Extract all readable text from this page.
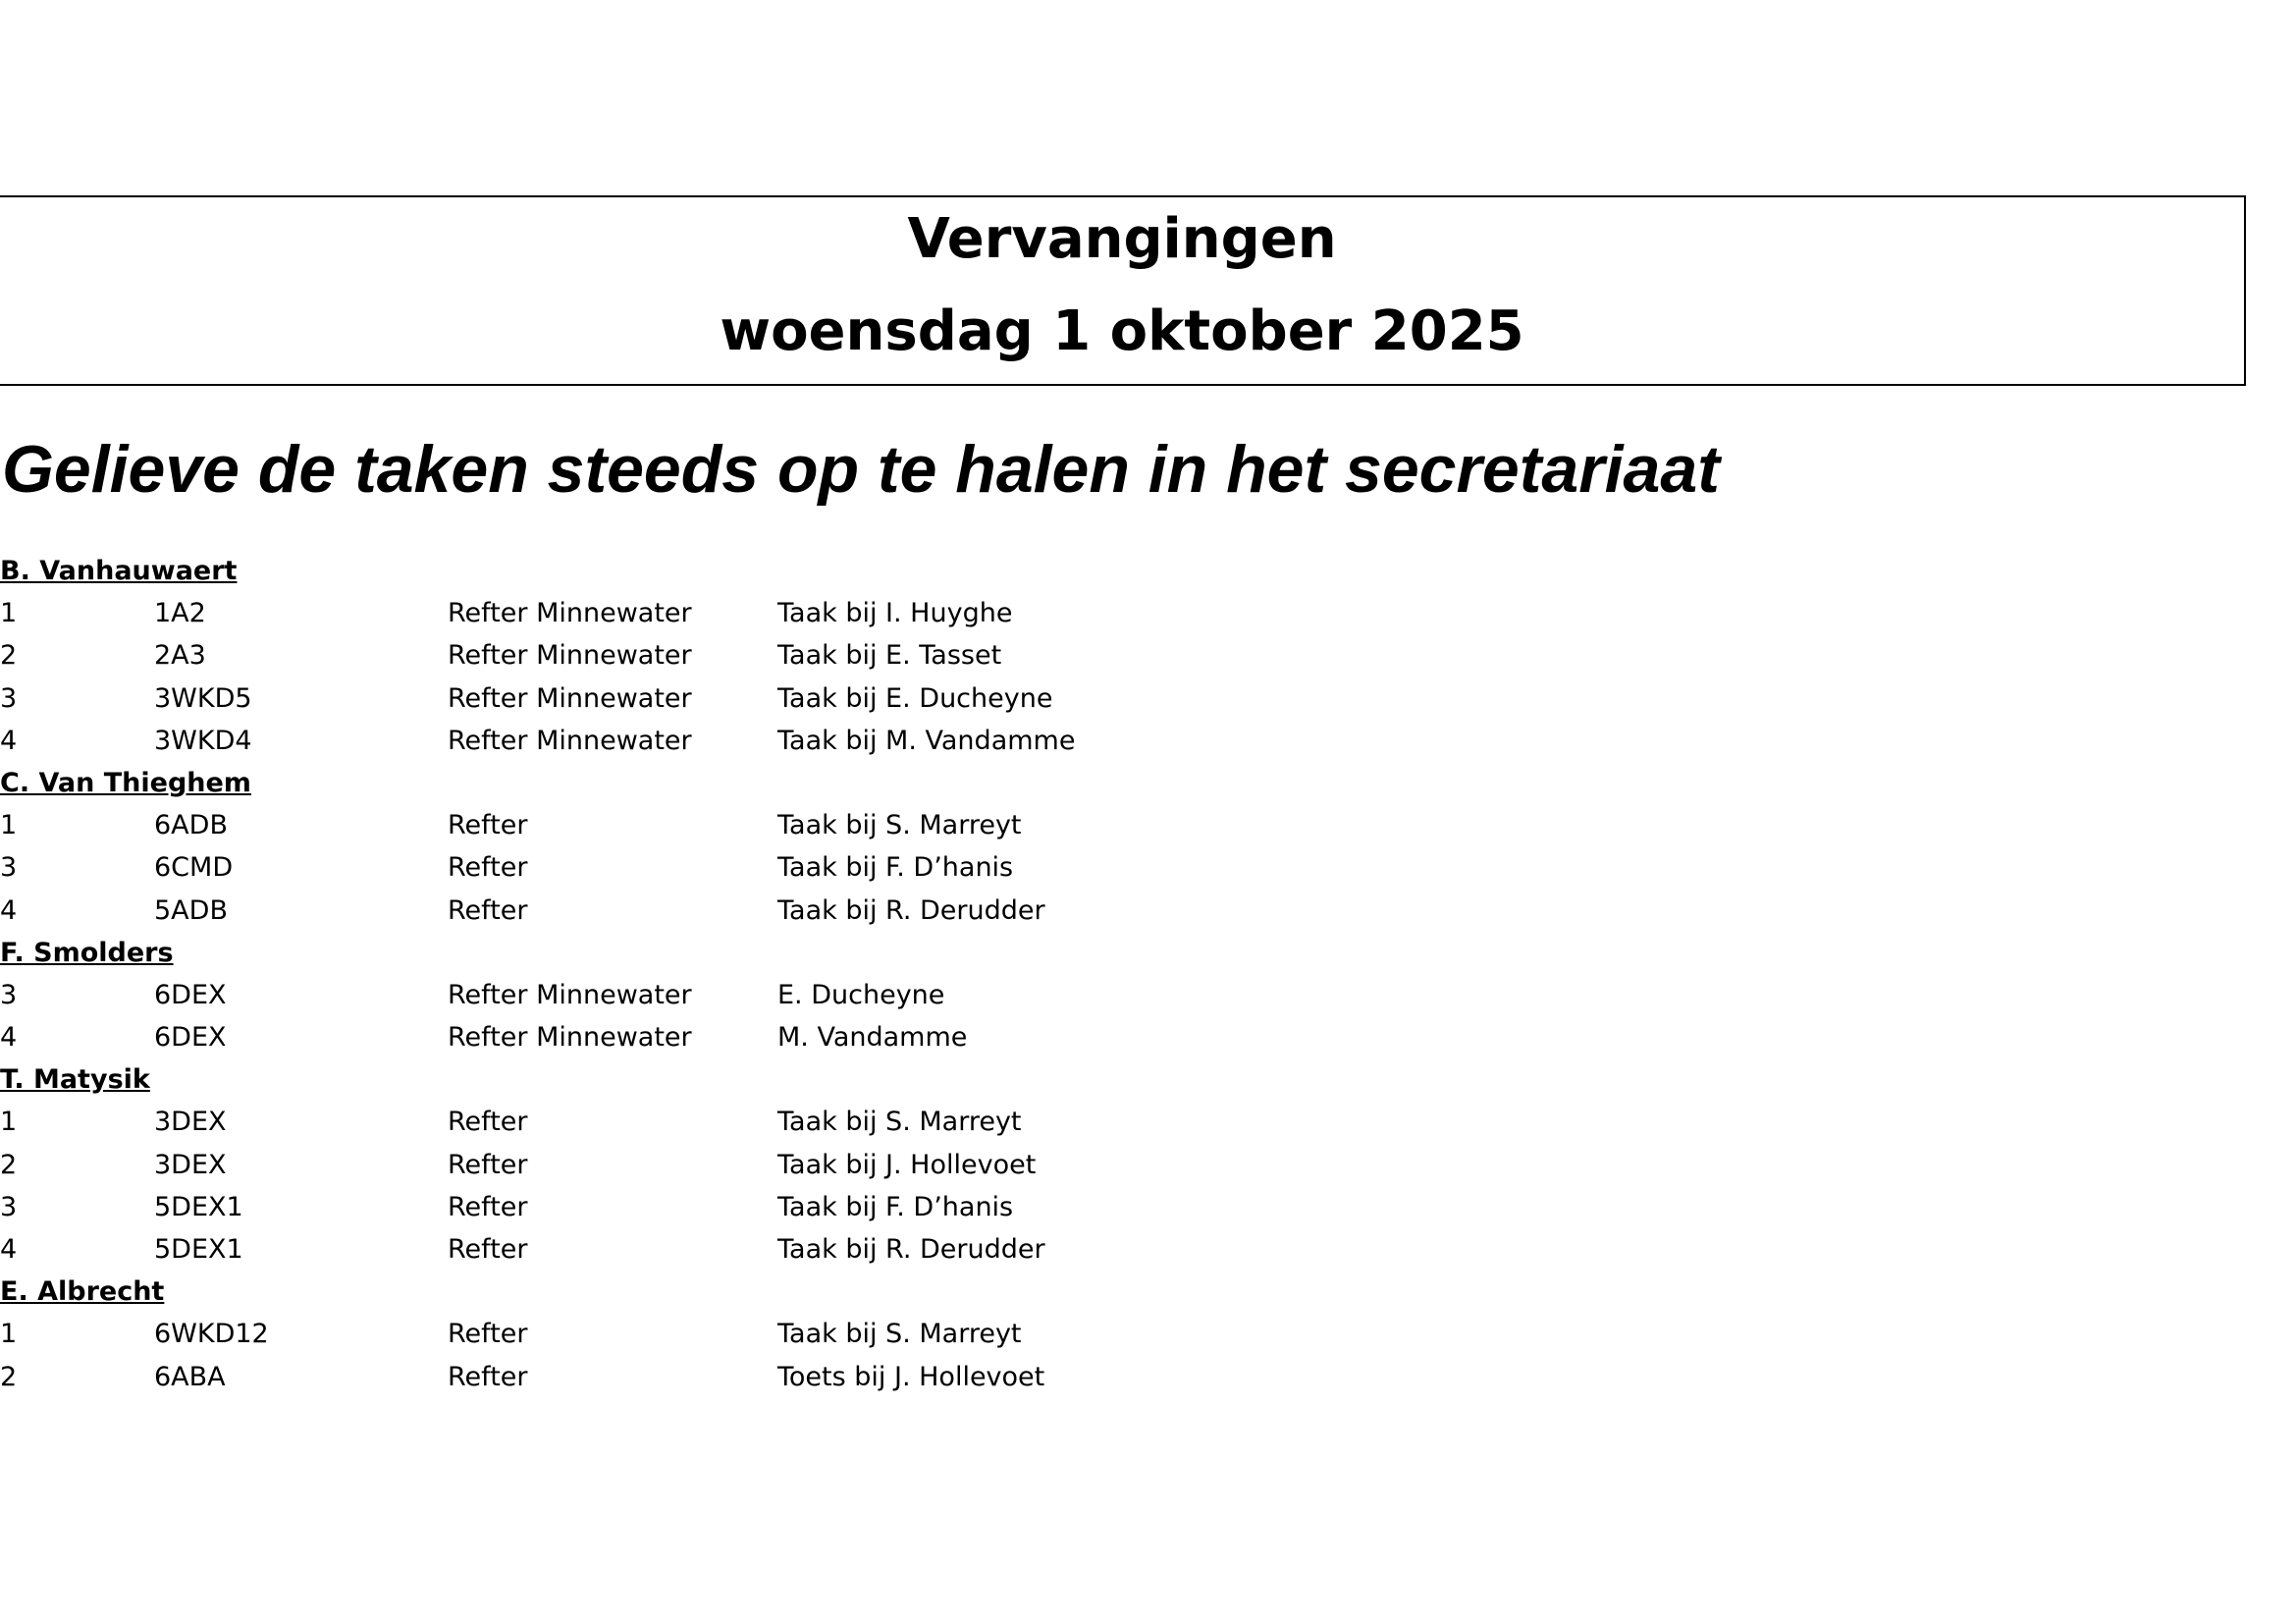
Vervangingen
woensdag 1 oktober 2025
Gelieve de taken steeds op te halen in het secretariaat
B. Vanhauwaert
1	1A2	Refter Minnewater	Taak bij I. Huyghe
2	2A3	Refter Minnewater	Taak bij E. Tasset
3	3WKD5	Refter Minnewater	Taak bij E. Ducheyne
4	3WKD4	Refter Minnewater	Taak bij M. Vandamme
C. Van Thieghem
1	6ADB	Refter	Taak bij S. Marreyt
3	6CMD	Refter	Taak bij F. D’hanis
4	5ADB	Refter	Taak bij R. Derudder
F. Smolders
3	6DEX	Refter Minnewater	E. Ducheyne
4	6DEX	Refter Minnewater	M. Vandamme
T. Matysik
1	3DEX	Refter	Taak bij S. Marreyt
2	3DEX	Refter	Taak bij J. Hollevoet
3	5DEX1	Refter	Taak bij F. D’hanis
4	5DEX1	Refter	Taak bij R. Derudder
E. Albrecht
1	6WKD12	Refter	Taak bij S. Marreyt
2	6ABA	Refter	Toets bij J. Hollevoet
